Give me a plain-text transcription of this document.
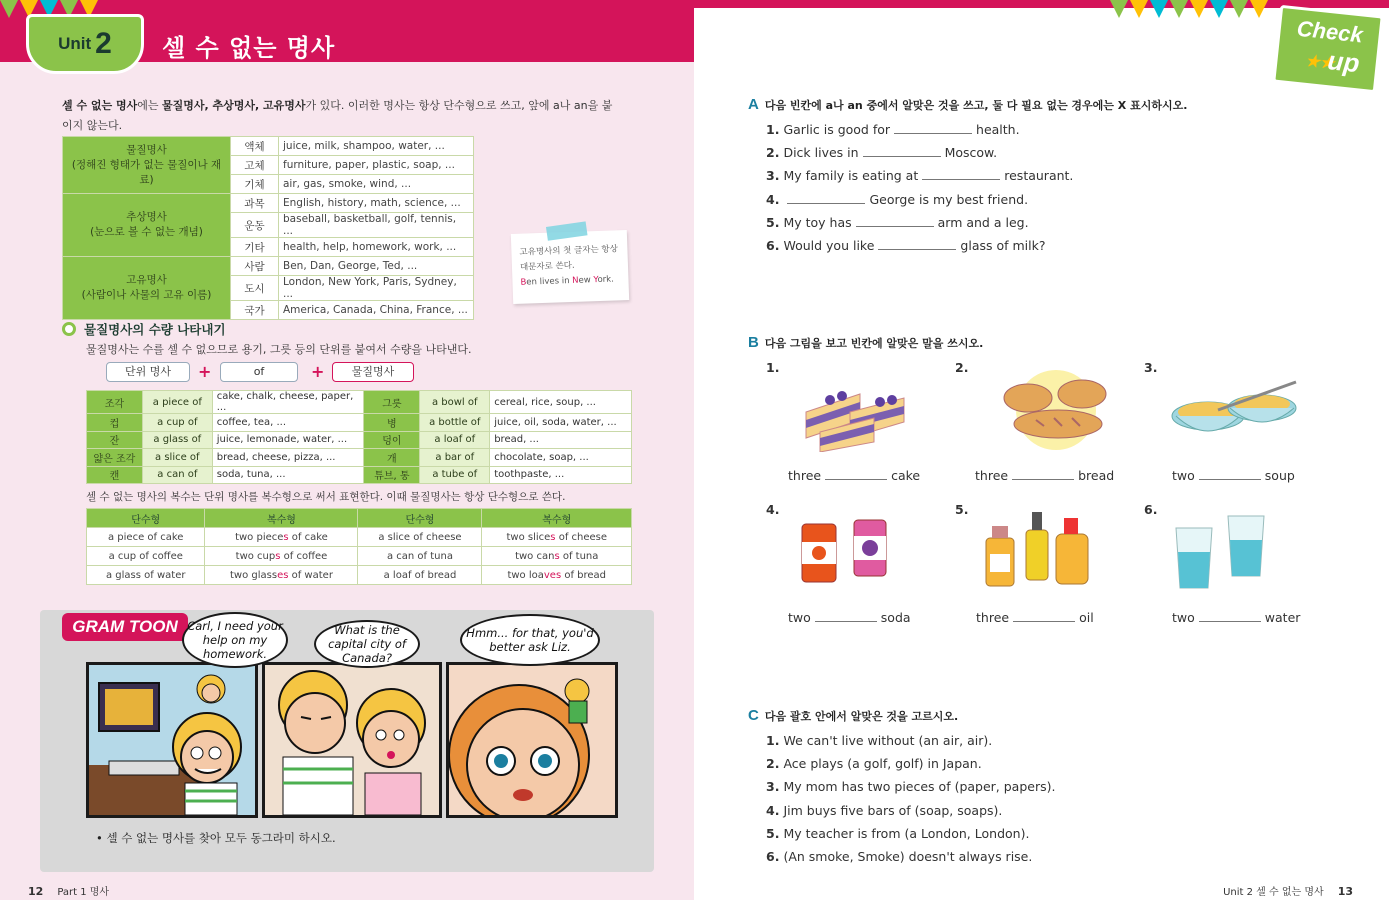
Unit 2 셀 수 없는 명사
Check
★★
up
셀 수 없는 명사에는 물질명사, 추상명사, 고유명사가 있다. 이러한 명사는 항상 단수형으로 쓰고, 앞에 a나 an을 붙이지 않는다.
물질명사
(정해진 형태가 없는 물질이나 재료)	액체	juice, milk, shampoo, water, ...
	고체	furniture, paper, plastic, soap, ...
	기체	air, gas, smoke, wind, ...

추상명사
(눈으로 볼 수 없는 개념)	과목	English, history, math, science, ...
	운동	baseball, basketball, golf, tennis, ...
	기타	health, help, homework, work, ...

고유명사
(사람이나 사물의 고유 이름)	사람	Ben, Dan, George, Ted, ...
	도시	London, New York, Paris, Sydney, ...
	국가	America, Canada, China, France, ...
고유명사의 첫 글자는 항상
대문자로 쓴다.
Ben lives in New York.
물질명사의 수량 나타내기
물질명사는 수를 셀 수 없으므로 용기, 그릇 등의 단위를 붙여서 수량을 나타낸다.
단위 명사	+	of	+	물질명사
조각	a piece of	cake, chalk, cheese, paper, ...	그릇	a bowl of	cereal, rice, soup, ...
컵	a cup of	coffee, tea, ...	병	a bottle of	juice, oil, soda, water, ...
잔	a glass of	juice, lemonade, water, ...	덩이	a loaf of	bread, ...
얇은 조각	a slice of	bread, cheese, pizza, ...	개	a bar of	chocolate, soap, ...
캔	a can of	soda, tuna, ...	튜브, 통	a tube of	toothpaste, ...
셀 수 없는 명사의 복수는 단위 명사를 복수형으로 써서 표현한다. 이때 물질명사는 항상 단수형으로 쓴다.
단수형	복수형	단수형	복수형
a piece of cake	two pieces of cake	a slice of cheese	two slices of cheese
a cup of coffee	two cups of coffee	a can of tuna	two cans of tuna
a glass of water	two glasses of water	a loaf of bread	two loaves of bread
GRAM TOON Carl, I need your help on my homework.
What is the capital city of Canada?
Hmm... for that, you'd better ask Liz.
• 셀 수 없는 명사를 찾아 모두 동그라미 하시오.
12 Part 1 명사	Unit 2 셀 수 없는 명사 13
A 다음 빈칸에 a나 an 중에서 알맞은 것을 쓰고, 둘 다 필요 없는 경우에는 X 표시하시오.
1. Garlic is good for	health.
2. Dick lives in	Moscow.
3. My family is eating at	restaurant.
4.	George is my best friend.
5. My toy has	arm and a leg.
6. Would you like	glass of milk?
B 다음 그림을 보고 빈칸에 알맞은 말을 쓰시오.
1.
three	cake
2.
three	bread
3.
two	soup
4.
two	soda
5.
three	oil
6.
two	water
C 다음 괄호 안에서 알맞은 것을 고르시오.
1. We can't live without (an air, air).
2. Ace plays (a golf, golf) in Japan.
3. My mom has two pieces of (paper, papers).
4. Jim buys five bars of (soap, soaps).
5. My teacher is from (a London, London).
6. (An smoke, Smoke) doesn't always rise.
